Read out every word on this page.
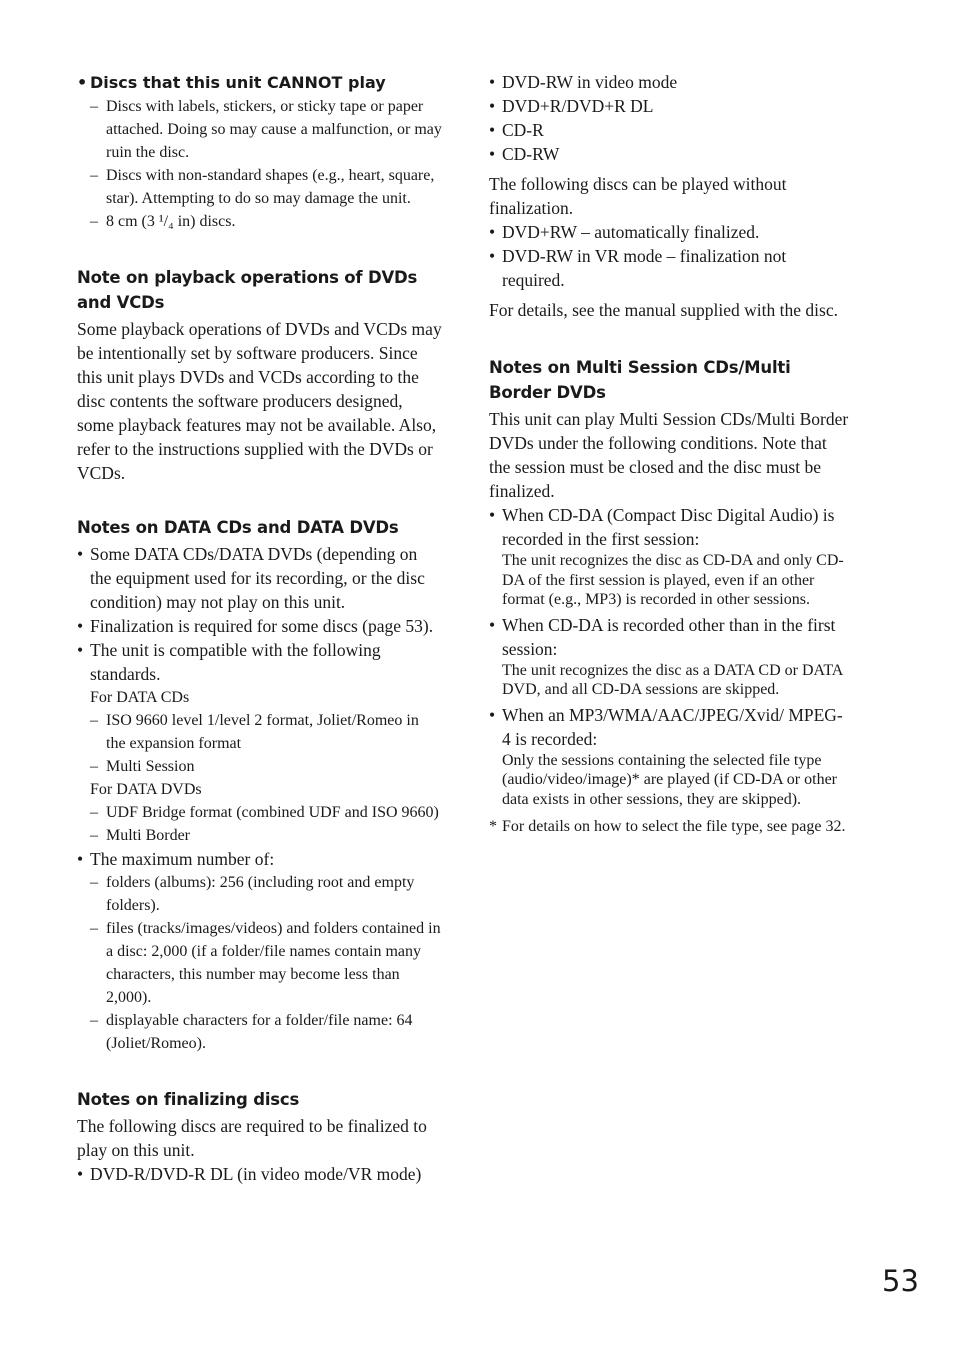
• Discs that this unit CANNOT play
– Discs with labels, stickers, or sticky tape or paper attached. Doing so may cause a malfunction, or may ruin the disc.
– Discs with non-standard shapes (e.g., heart, square, star). Attempting to do so may damage the unit.
– 8 cm (3 ¹/₄ in) discs.
Note on playback operations of DVDs and VCDs

Some playback operations of DVDs and VCDs may be intentionally set by software producers. Since this unit plays DVDs and VCDs according to the disc contents the software producers designed, some playback features may not be available. Also, refer to the instructions supplied with the DVDs or VCDs.

Notes on DATA CDs and DATA DVDs
• Some DATA CDs/DATA DVDs (depending on the equipment used for its recording, or the disc condition) may not play on this unit.
• Finalization is required for some discs (page 53).
• The unit is compatible with the following standards.
For DATA CDs
– ISO 9660 level 1/level 2 format, Joliet/Romeo in the expansion format
– Multi Session
For DATA DVDs
– UDF Bridge format (combined UDF and ISO 9660)
– Multi Border
• The maximum number of:
– folders (albums): 256 (including root and empty folders).
– files (tracks/images/videos) and folders contained in a disc: 2,000 (if a folder/file names contain many characters, this number may become less than 2,000).
– displayable characters for a folder/file name: 64 (Joliet/Romeo).
Notes on finalizing discs

The following discs are required to be finalized to play on this unit.

• DVD-R/DVD-R DL (in video mode/VR mode)
• DVD-RW in video mode
• DVD+R/DVD+R DL
• CD-R
• CD-RW

The following discs can be played without finalization.

• DVD+RW – automatically finalized.
• DVD-RW in VR mode – finalization not required.

For details, see the manual supplied with the disc.

Notes on Multi Session CDs/Multi Border DVDs

This unit can play Multi Session CDs/Multi Border DVDs under the following conditions. Note that the session must be closed and the disc must be finalized.

• When CD-DA (Compact Disc Digital Audio) is recorded in the first session:
The unit recognizes the disc as CD-DA and only CD-DA of the first session is played, even if an other format (e.g., MP3) is recorded in other sessions.
• When CD-DA is recorded other than in the first session:
The unit recognizes the disc as a DATA CD or DATA DVD, and all CD-DA sessions are skipped.
• When an MP3/WMA/AAC/JPEG/Xvid/ MPEG-4 is recorded:
Only the sessions containing the selected file type (audio/video/image)* are played (if CD-DA or other data exists in other sessions, they are skipped).
* For details on how to select the file type, see page 32.
53
